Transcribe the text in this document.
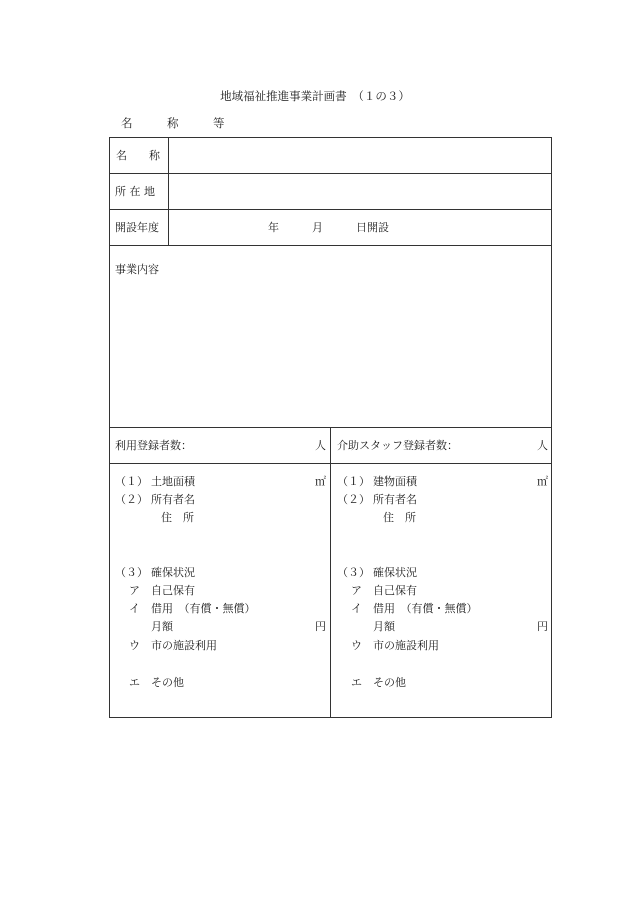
地域福祉推進事業計画書　（１の３）
名　　　称　　　等
名　　称
所 在 地
開設年度	年　　　月　　　日開設
事業内容
利用登録者数：	人 介助スタッフ登録者数：	人
（１） 土地面積	㎡
（２） 所有者名
住　所
（３） 確保状況
ア 自己保有
イ 借用　（有償・無償）
月額	円
ウ 市の施設利用
エ その他
（１） 建物面積	㎡
（２） 所有者名
住　所
（３） 確保状況
ア 自己保有
イ 借用　（有償・無償）
月額	円
ウ 市の施設利用
エ その他
